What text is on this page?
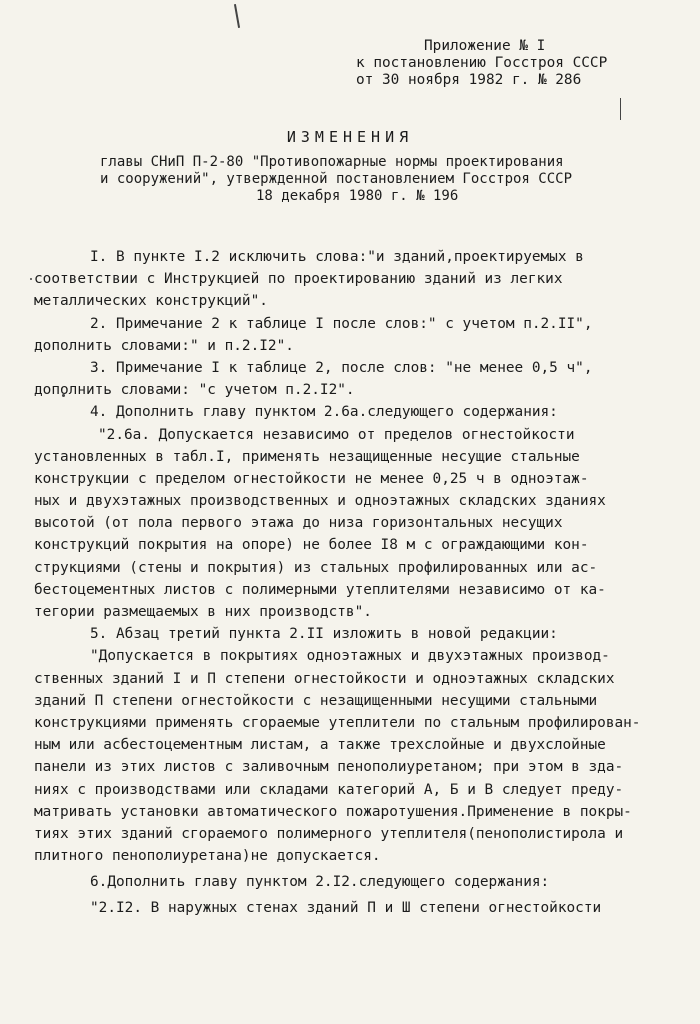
Приложение № I
к постановлению Госстроя СССР
от 30 ноября 1982 г. № 286
ИЗМЕНЕНИЯ
главы СНиП П-2-80 "Противопожарные нормы проектирования
и сооружений", утвержденной постановлением Госстроя СССР
18 декабря 1980 г. № 196
I. В пункте I.2 исключить слова:"и зданий,проектируемых в
соответствии с Инструкцией по проектированию зданий из легких
металлических конструкций".
2. Примечание 2 к таблице I после слов:" с учетом п.2.II",
дополнить словами:" и п.2.I2".
3. Примечание I к таблице 2, после слов: "не менее 0,5 ч",
дополнить словами: "с учетом п.2.I2".
4. Дополнить главу пунктом 2.6а.следующего содержания:
"2.6а. Допускается независимо от пределов огнестойкости
установленных в табл.I, применять незащищенные несущие стальные
конструкции с пределом огнестойкости не менее 0,25 ч в одноэтаж-
ных и двухэтажных производственных и одноэтажных складских зданиях
высотой (от пола первого этажа до низа горизонтальных несущих
конструкций покрытия на опоре) не более I8 м с ограждающими кон-
струкциями (стены и покрытия) из стальных профилированных или ас-
бестоцементных листов с полимерными утеплителями независимо от ка-
тегории размещаемых в них производств".
5. Абзац третий пункта 2.II изложить в новой редакции:
"Допускается в покрытиях одноэтажных и двухэтажных производ-
ственных зданий I и П степени огнестойкости и одноэтажных складских
зданий П степени огнестойкости с незащищенными несущими стальными
конструкциями применять сгораемые утеплители по стальным профилирован-
ным или асбестоцементным листам, а также трехслойные и двухслойные
панели из этих листов с заливочным пенополиуретаном; при этом в зда-
ниях с производствами или складами категорий А, Б и В следует преду-
матривать установки автоматического пожаротушения.Применение в покры-
тиях этих зданий сгораемого полимерного утеплителя(пенополистирола и
плитного пенополиуретана)не допускается.
6.Дополнить главу пунктом 2.I2.следующего содержания:
"2.I2. В наружных стенах зданий П и Ш степени огнестойкости
